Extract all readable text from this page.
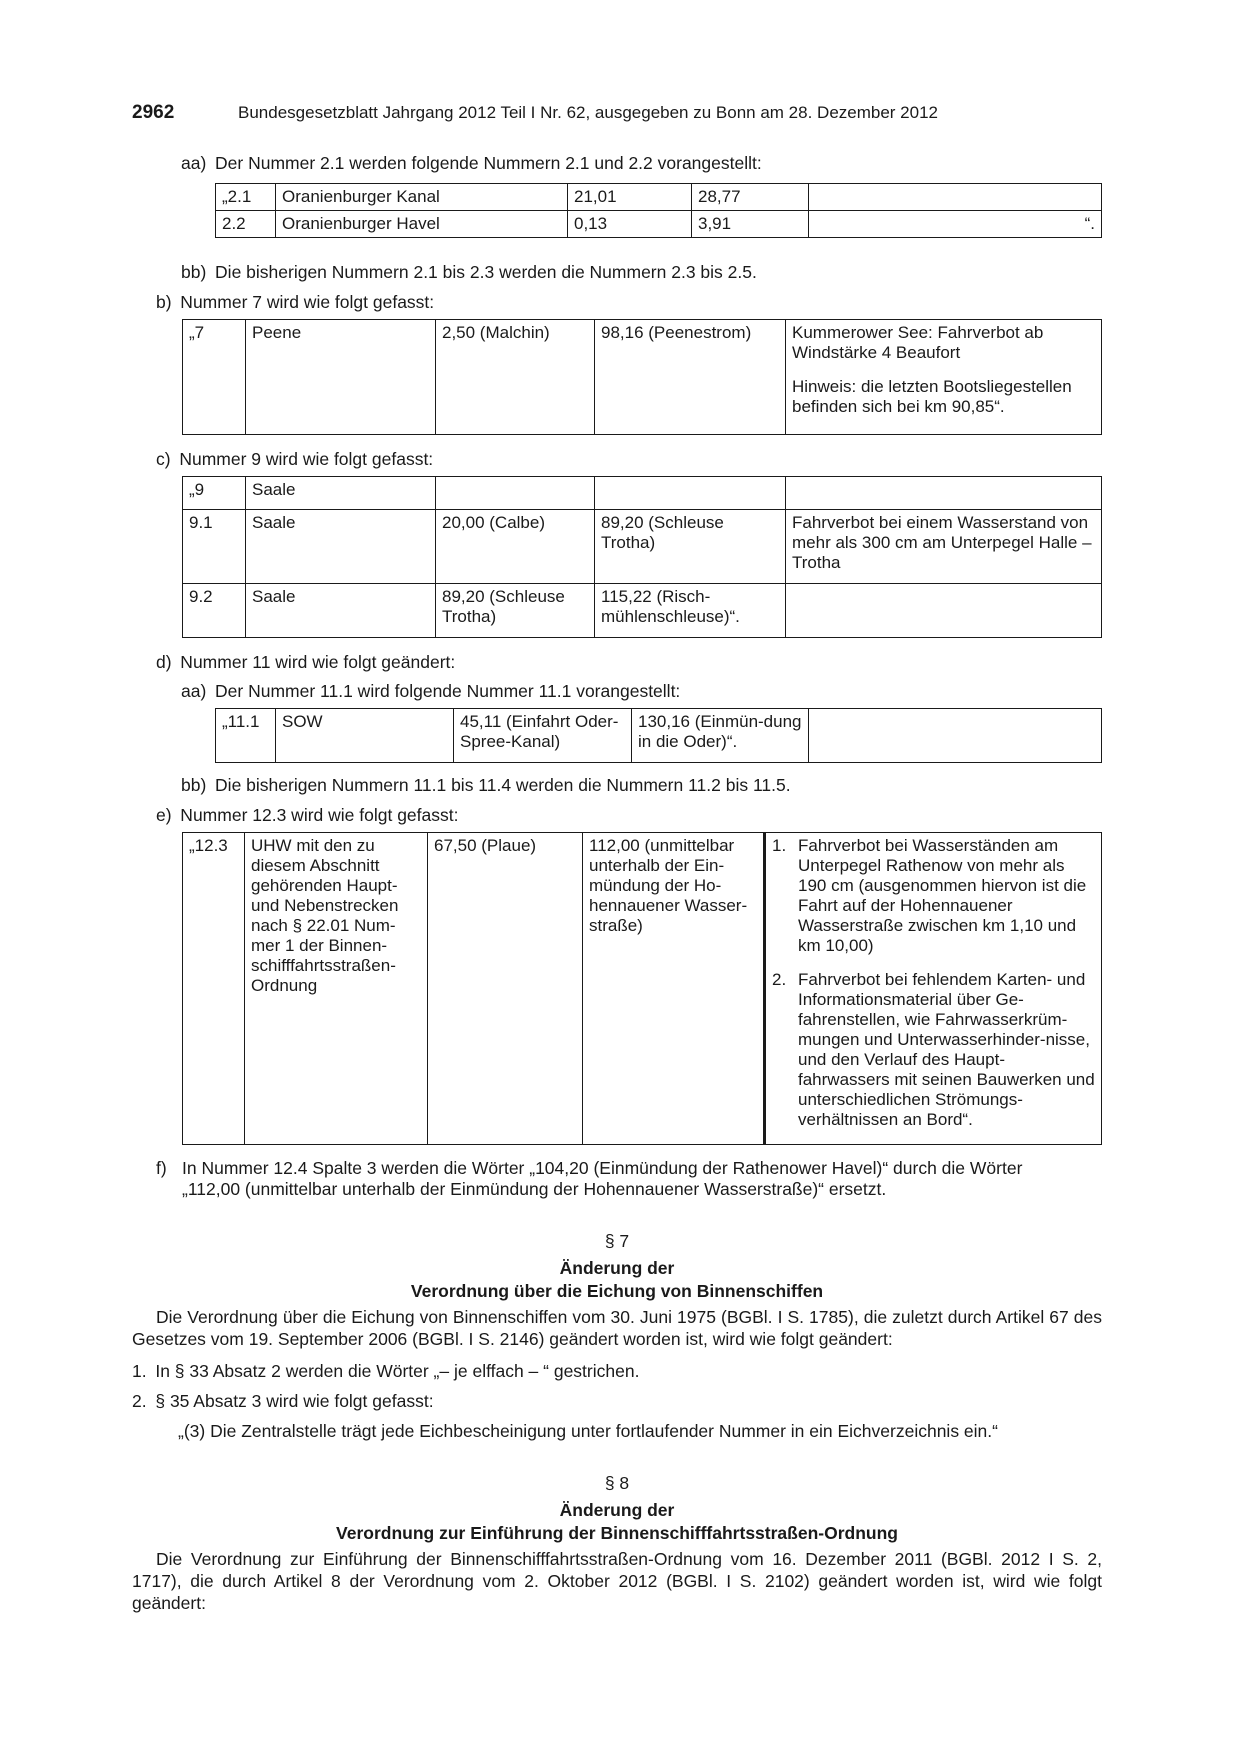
2962	Bundesgesetzblatt Jahrgang 2012 Teil I Nr. 62, ausgegeben zu Bonn am 28. Dezember 2012
aa) Der Nummer 2.1 werden folgende Nummern 2.1 und 2.2 vorangestellt:
„2.1	Oranienburger Kanal	21,01	28,77	
2.2	Oranienburger Havel	0,13	3,91	“.
bb) Die bisherigen Nummern 2.1 bis 2.3 werden die Nummern 2.3 bis 2.5.
b) Nummer 7 wird wie folgt gefasst:
„7	Peene	2,50 (Malchin)	98,16 (Peenestrom)	Kummerower See: Fahrverbot ab Windstärke 4 Beaufort
Hinweis: die letzten Bootsliegestellen befinden sich bei km 90,85“.
c) Nummer 9 wird wie folgt gefasst:
„9	Saale			
9.1	Saale	20,00 (Calbe)	89,20 (Schleuse Trotha)	Fahrverbot bei einem Wasserstand von mehr als 300 cm am Unterpegel Halle – Trotha
9.2	Saale	89,20 (Schleuse Trotha)	115,22 (Risch-mühlenschleuse)“.	
d) Nummer 11 wird wie folgt geändert:
aa) Der Nummer 11.1 wird folgende Nummer 11.1 vorangestellt:
„11.1	SOW	45,11 (Einfahrt Oder-Spree-Kanal)	130,16 (Einmün-dung in die Oder)“.	
bb) Die bisherigen Nummern 11.1 bis 11.4 werden die Nummern 11.2 bis 11.5.
e) Nummer 12.3 wird wie folgt gefasst:
„12.3	UHW mit den zu diesem Abschnitt gehörenden Haupt- und Nebenstrecken nach § 22.01 Num-mer 1 der Binnen-schifffahrtsstraßen-Ordnung	67,50 (Plaue)	112,00 (unmittelbar unterhalb der Ein-mündung der Ho-hennauener Wasser-straße)	
1. Fahrverbot bei Wasserständen am Unterpegel Rathenow von mehr als 190 cm (ausgenommen hiervon ist die Fahrt auf der Hohennauener Wasserstraße zwischen km 1,10 und km 10,00)
2. Fahrverbot bei fehlendem Karten- und Informationsmaterial über Ge-fahrenstellen, wie Fahrwasserkrüm-mungen und Unterwasserhinder-nisse, und den Verlauf des Haupt-fahrwassers mit seinen Bauwerken und unterschiedlichen Strömungs-verhältnissen an Bord“.
f) In Nummer 12.4 Spalte 3 werden die Wörter „104,20 (Einmündung der Rathenower Havel)“ durch die Wörter
„112,00 (unmittelbar unterhalb der Einmündung der Hohennauener Wasserstraße)“ ersetzt.
§ 7
Änderung der
Verordnung über die Eichung von Binnenschiffen
Die Verordnung über die Eichung von Binnenschiffen vom 30. Juni 1975 (BGBl. I S. 1785), die zuletzt durch Artikel 67 des Gesetzes vom 19. September 2006 (BGBl. I S. 2146) geändert worden ist, wird wie folgt geändert:
1. In § 33 Absatz 2 werden die Wörter „– je elffach – “ gestrichen.
2. § 35 Absatz 3 wird wie folgt gefasst:
„(3) Die Zentralstelle trägt jede Eichbescheinigung unter fortlaufender Nummer in ein Eichverzeichnis ein.“
§ 8
Änderung der
Verordnung zur Einführung der Binnenschifffahrtsstraßen-Ordnung
Die Verordnung zur Einführung der Binnenschifffahrtsstraßen-Ordnung vom 16. Dezember 2011 (BGBl. 2012 I S. 2, 1717), die durch Artikel 8 der Verordnung vom 2. Oktober 2012 (BGBl. I S. 2102) geändert worden ist, wird wie folgt geändert:
